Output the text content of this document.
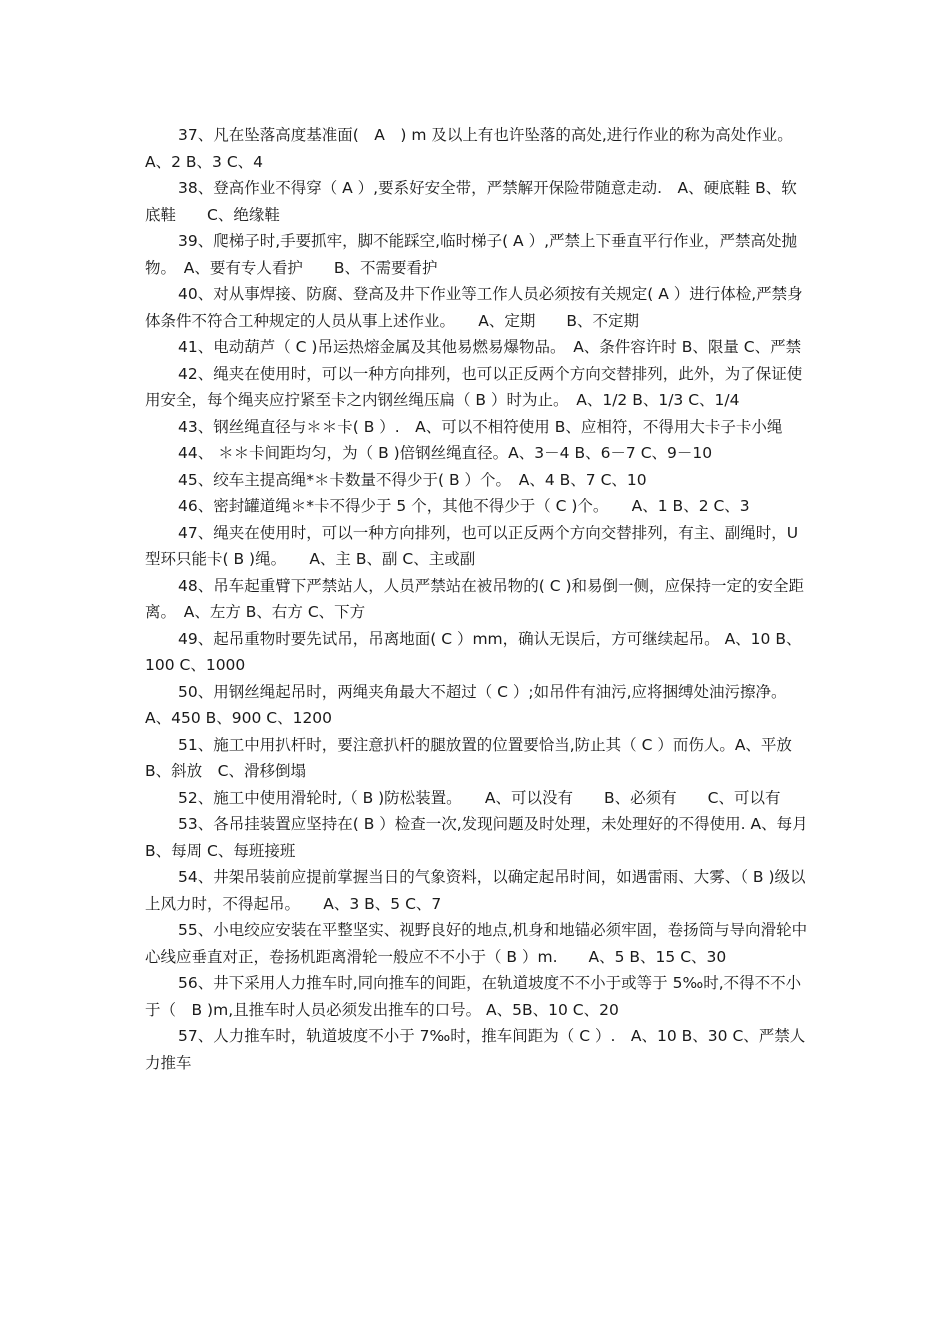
37、凡在坠落高度基准面(　A　) m 及以上有也许坠落的高处,进行作业的称为高处作业。　　A、2 B、3 C、4

38、登高作业不得穿（ A ）,要系好安全带，严禁解开保险带随意走动.　A、硬底鞋 B、软底鞋　　C、绝缘鞋

39、爬梯子时,手要抓牢，脚不能踩空,临时梯子( A ）,严禁上下垂直平行作业，严禁高处抛物。　A、要有专人看护　　B、不需要看护

40、对从事焊接、防腐、登高及井下作业等工作人员必须按有关规定( A ）进行体检,严禁身体条件不符合工种规定的人员从事上述作业。　　A、定期　　B、不定期

41、电动葫芦（ C )吊运热熔金属及其他易燃易爆物品。　A、条件容许时 B、限量 C、严禁

42、绳夹在使用时，可以一种方向排列，也可以正反两个方向交替排列，此外，为了保证使用安全，每个绳夹应拧紧至卡之内钢丝绳压扁（ B ）时为止。　A、1/2 B、1/3 C、1/4

43、钢丝绳直径与＊＊卡( B ）.　A、可以不相符使用 B、应相符，不得用大卡子卡小绳

44、 ＊＊卡间距均匀，为（ B )倍钢丝绳直径。A、3－4 B、6－7 C、9－10

45、绞车主提高绳*＊卡数量不得少于( B ）个。　A、4 B、7 C、10

46、密封罐道绳＊*卡不得少于 5 个，其他不得少于（ C )个。　　A、1 B、2 C、3

47、绳夹在使用时，可以一种方向排列，也可以正反两个方向交替排列，有主、副绳时，U 型环只能卡( B )绳。　　A、主 B、副 C、主或副

48、吊车起重臂下严禁站人，人员严禁站在被吊物的( C )和易倒一侧，应保持一定的安全距离。　A、左方 B、右方 C、下方

49、起吊重物时要先试吊，吊离地面( C ）mm，确认无误后，方可继续起吊。 A、10 B、100 C、1000

50、用钢丝绳起吊时，两绳夹角最大不超过（ C ）;如吊件有油污,应将捆缚处油污擦净。　A、450 B、900 C、1200

51、施工中用扒杆时，要注意扒杆的腿放置的位置要恰当,防止其（ C ）而伤人。A、平放　B、斜放　C、滑移倒塌

52、施工中使用滑轮时,（ B )防松装置。　　A、可以没有　　B、必须有　　C、可以有

53、各吊挂装置应坚持在( B ）检查一次,发现问题及时处理，未处理好的不得使用. A、每月 B、每周 C、每班接班

54、井架吊装前应提前掌握当日的气象资料，以确定起吊时间，如遇雷雨、大雾、（ B )级以上风力时，不得起吊。　　A、3 B、5 C、7

55、小电绞应安装在平整坚实、视野良好的地点,机身和地锚必须牢固，卷扬筒与导向滑轮中心线应垂直对正，卷扬机距离滑轮一般应不不小于（ B ）m.　　A、5 B、15 C、30

56、井下采用人力推车时,同向推车的间距，在轨道坡度不不小于或等于 5‰时,不得不不小于（　B )m,且推车时人员必须发出推车的口号。 A、5B、10 C、20

57、人力推车时，轨道坡度不小于 7‰时，推车间距为（ C ）.　A、10 B、30 C、严禁人力推车
